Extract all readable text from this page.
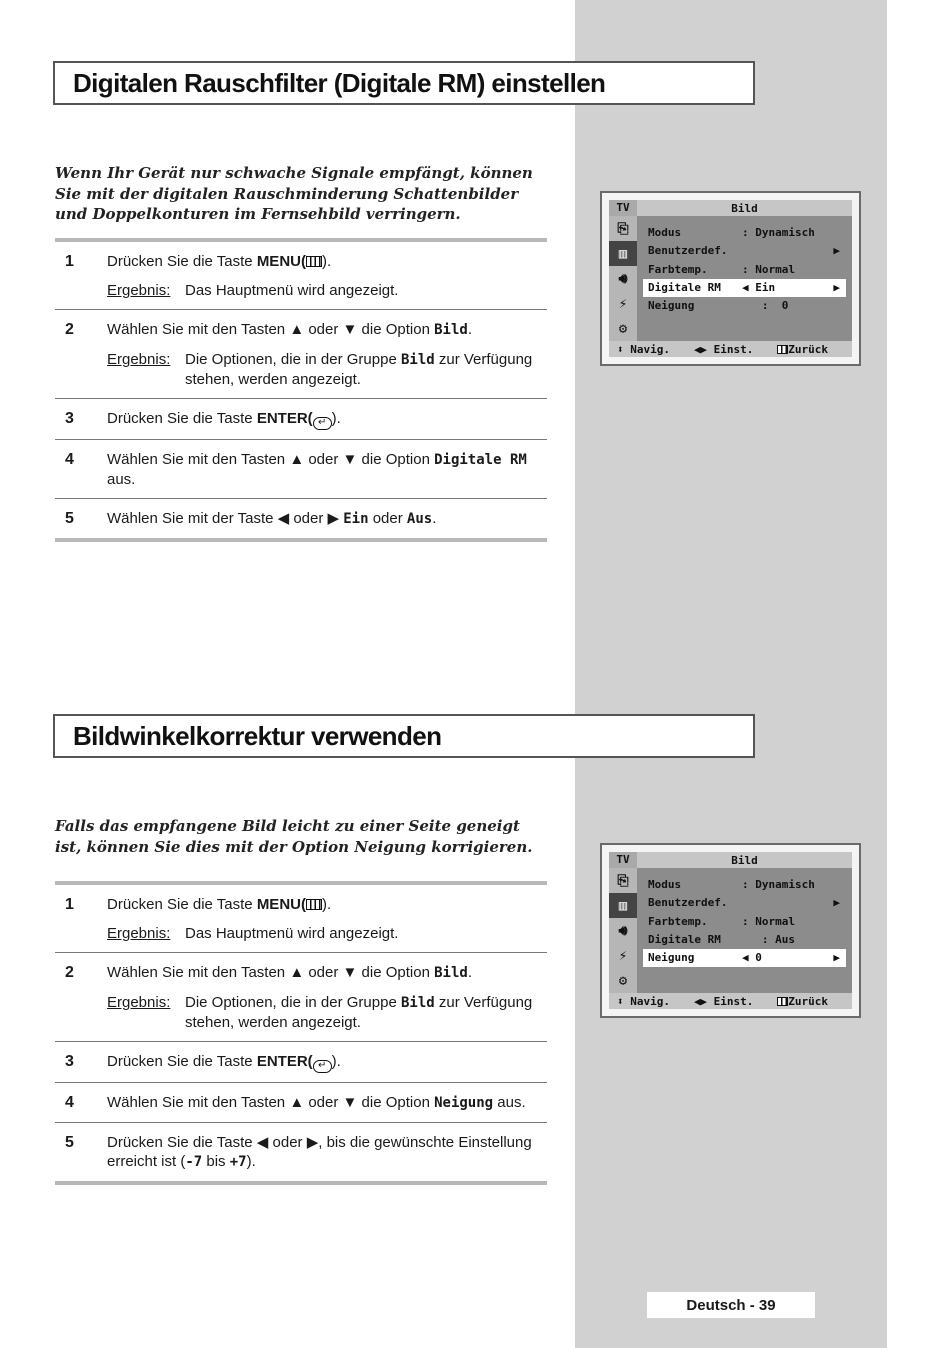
Digitalen Rauschfilter (Digitale RM) einstellen
Wenn Ihr Gerät nur schwache Signale empfängt, können Sie mit der digitalen Rauschminderung Schattenbilder und Doppelkonturen im Fernsehbild verringern.
1	Drücken Sie die Taste MENU( ).
Ergebnis: Das Hauptmenü wird angezeigt.
2	Wählen Sie mit den Tasten ▲ oder ▼ die Option Bild.
Ergebnis: Die Optionen, die in der Gruppe Bild zur Verfügung stehen, werden angezeigt.
3	Drücken Sie die Taste ENTER( ↵ ).
4	Wählen Sie mit den Tasten ▲ oder ▼ die Option Digitale RM aus.
5	Wählen Sie mit der Taste ◀ oder ▶ Ein oder Aus.
TV	Bild
⎘
▥
🔊︎
⚡︎
⚙︎
Modus	: Dynamisch
Benutzerdef.	▶
Farbtemp.	: Normal
Digitale RM	◀ Ein	▶
Neigung	:  0
⬍ Navig. ◀▶ Einst.	Zurück
Bildwinkelkorrektur verwenden
Falls das empfangene Bild leicht zu einer Seite geneigt ist, können Sie dies mit der Option Neigung korrigieren.
1	Drücken Sie die Taste MENU( ).
Ergebnis: Das Hauptmenü wird angezeigt.
2	Wählen Sie mit den Tasten ▲ oder ▼ die Option Bild.
Ergebnis: Die Optionen, die in der Gruppe Bild zur Verfügung stehen, werden angezeigt.
3	Drücken Sie die Taste ENTER( ↵ ).
4	Wählen Sie mit den Tasten ▲ oder ▼ die Option Neigung aus.
5	Drücken Sie die Taste ◀ oder ▶, bis die gewünschte Einstellung erreicht ist (-7 bis +7).
TV	Bild
⎘
▥
🔊︎
⚡︎
⚙︎
Modus	: Dynamisch
Benutzerdef.	▶
Farbtemp.	: Normal
Digitale RM	: Aus
Neigung	◀ 0	▶
⬍ Navig. ◀▶ Einst.	Zurück
Deutsch - 39
